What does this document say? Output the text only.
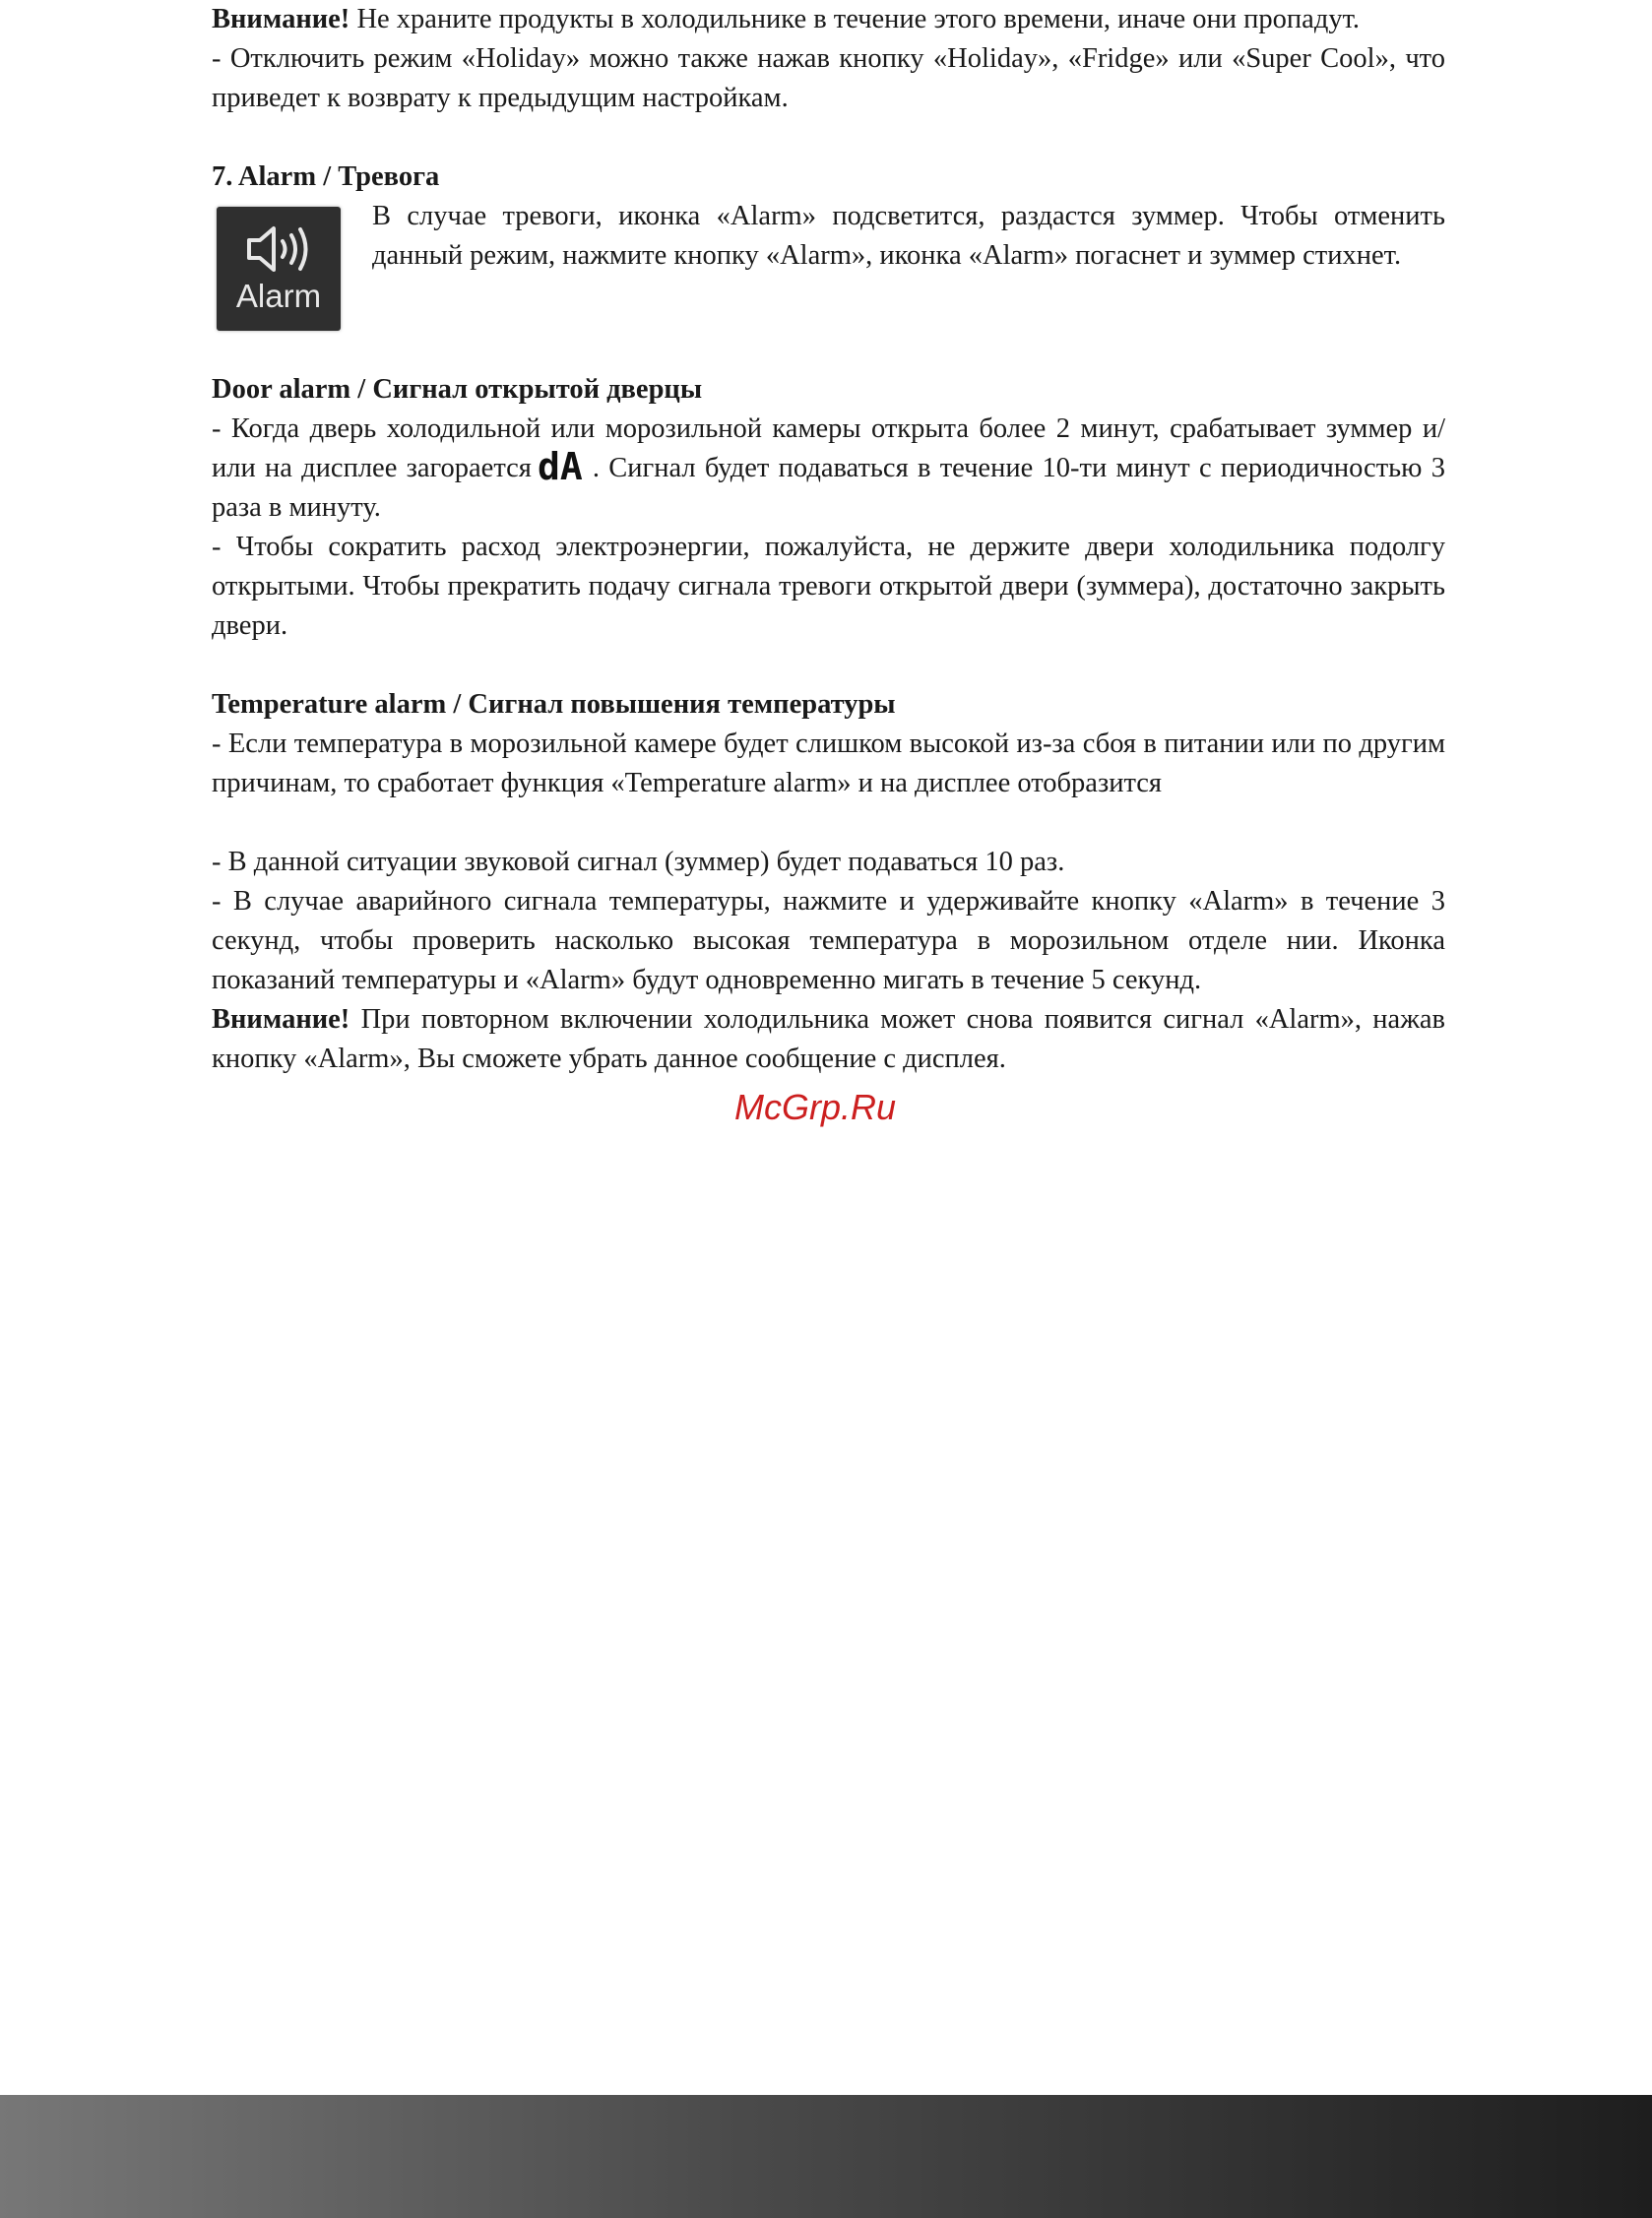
Внимание! Не храните продукты в холодильнике в течение этого времени, иначе они пропадут.

- Отключить режим «Holiday» можно также нажав кнопку «Holiday», «Fridge» или «Super Cool», что приведет к возврату к предыдущим настройкам.

7. Alarm / Тревога

Alarm

В случае тревоги, иконка «Alarm» подсветится, раздастся зуммер. Чтобы отменить данный режим, нажмите кнопку «Alarm», иконка «Alarm» погаснет и зуммер стихнет.

Door alarm / Сигнал открытой дверцы

- Когда дверь холодильной или морозильной камеры открыта более 2 минут, срабатывает зуммер и/или на дисплее загорается dA . Сигнал будет подаваться в течение 10-ти минут с периодичностью 3 раза в минуту.

- Чтобы сократить расход электроэнергии, пожалуйста, не держите двери холодильника подолгу открытыми. Чтобы прекратить подачу сигнала тревоги открытой двери (зуммера), достаточно закрыть двери.

Temperature alarm / Сигнал повышения температуры

- Если температура в морозильной камере будет слишком высокой из-за сбоя в питании или по другим причинам, то сработает функция «Temperature alarm» и на дисплее отобразится

- В данной ситуации звуковой сигнал (зуммер) будет подаваться 10 раз.

- В случае аварийного сигнала температуры, нажмите и удерживайте кнопку «Alarm» в течение 3 секунд, чтобы проверить насколько высокая температура в морозильном отделе нии. Иконка показаний температуры и «Alarm» будут одновременно мигать в течение 5 секунд.

Внимание! При повторном включении холодильника может снова появится сигнал «Alarm», нажав кнопку «Alarm», Вы сможете убрать данное сообщение с дисплея.

McGrp.Ru
